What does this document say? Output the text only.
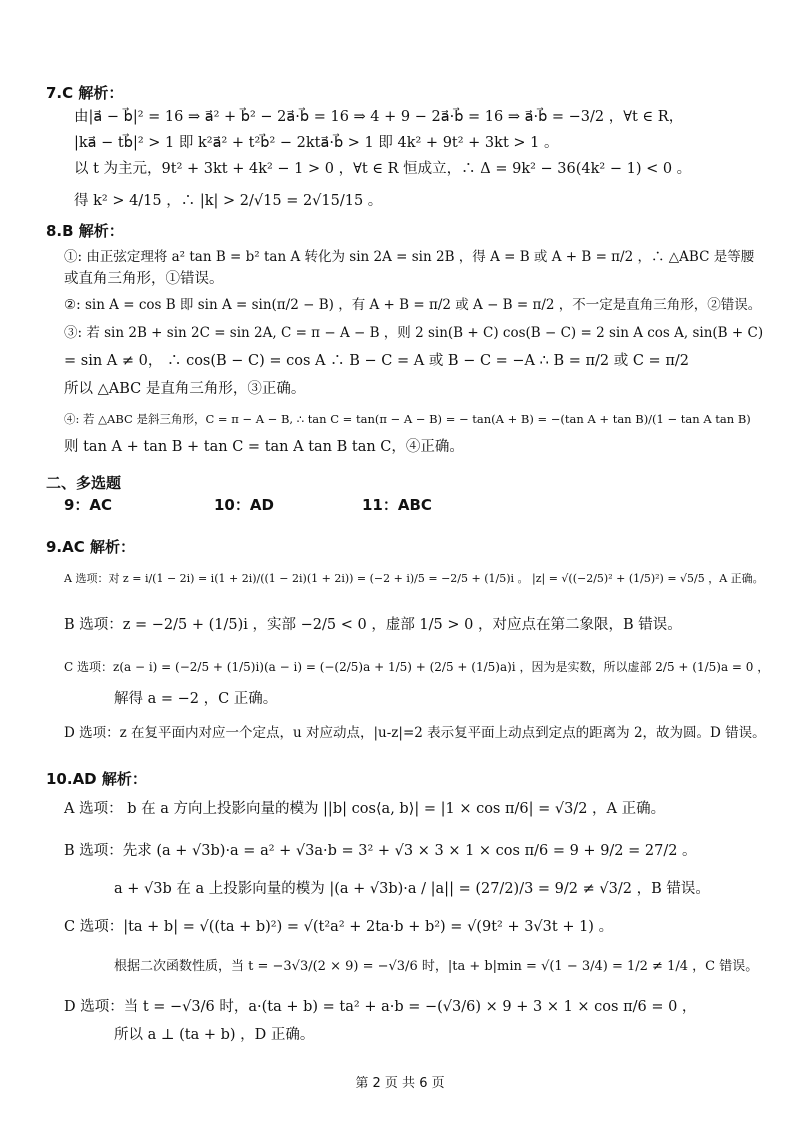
7.C 解析：
由|a⃗ − b⃗|² = 16 ⇒ a⃗² + b⃗² − 2a⃗·b⃗ = 16 ⇒ 4 + 9 − 2a⃗·b⃗ = 16 ⇒ a⃗·b⃗ = −3/2 ，∀t ∈ R，
|ka⃗ − tb⃗|² > 1 即 k²a⃗² + t²b⃗² − 2kta⃗·b⃗ > 1 即 4k² + 9t² + 3kt > 1 。
以 t 为主元，9t² + 3kt + 4k² − 1 > 0 ，∀t ∈ R 恒成立，∴ Δ = 9k² − 36(4k² − 1) < 0 。
得 k² > 4/15 ，∴ |k| > 2/√15 = 2√15/15 。
8.B 解析：
①: 由正弦定理将 a² tan B = b² tan A 转化为 sin 2A = sin 2B ，得 A = B 或 A + B = π/2 ，∴ △ABC 是等腰
或直角三角形，①错误。
②: sin A = cos B 即 sin A = sin(π/2 − B) ，有 A + B = π/2 或 A − B = π/2 ，不一定是直角三角形，②错误。
③: 若 sin 2B + sin 2C = sin 2A, C = π − A − B ，则 2 sin(B + C) cos(B − C) = 2 sin A cos A, sin(B + C)
= sin A ≠ 0， ∴ cos(B − C) = cos A ∴ B − C = A 或 B − C = −A ∴ B = π/2 或 C = π/2
所以 △ABC 是直角三角形，③正确。
④: 若 △ABC 是斜三角形，C = π − A − B, ∴ tan C = tan(π − A − B) = − tan(A + B) = −(tan A + tan B)/(1 − tan A tan B)
则 tan A + tan B + tan C = tan A tan B tan C，④正确。
二、多选题
9：AC	10：AD	11：ABC
9.AC 解析：
A 选项：对 z = i/(1 − 2i) = i(1 + 2i)/((1 − 2i)(1 + 2i)) = (−2 + i)/5 = −2/5 + (1/5)i 。 |z| = √((−2/5)² + (1/5)²) = √5/5 ，A 正确。
B 选项：z = −2/5 + (1/5)i ，实部 −2/5 < 0 ，虚部 1/5 > 0 ，对应点在第二象限，B 错误。
C 选项：z(a − i) = (−2/5 + (1/5)i)(a − i) = (−(2/5)a + 1/5) + (2/5 + (1/5)a)i ，因为是实数，所以虚部 2/5 + (1/5)a = 0 ，
解得 a = −2 ，C 正确。
D 选项：z 在复平面内对应一个定点，u 对应动点，|u-z|=2 表示复平面上动点到定点的距离为 2，故为圆。D 错误。
10.AD 解析：
A 选项： b 在 a 方向上投影向量的模为 ||b| cos⟨a, b⟩| = |1 × cos π/6| = √3/2 ，A 正确。
B 选项：先求 (a + √3b)·a = a² + √3a·b = 3² + √3 × 3 × 1 × cos π/6 = 9 + 9/2 = 27/2 。
a + √3b 在 a 上投影向量的模为 |(a + √3b)·a / |a|| = (27/2)/3 = 9/2 ≠ √3/2 ，B 错误。
C 选项：|ta + b| = √((ta + b)²) = √(t²a² + 2ta·b + b²) = √(9t² + 3√3t + 1) 。
根据二次函数性质，当 t = −3√3/(2 × 9) = −√3/6 时，|ta + b|min = √(1 − 3/4) = 1/2 ≠ 1/4 ，C 错误。
D 选项：当 t = −√3/6 时，a·(ta + b) = ta² + a·b = −(√3/6) × 9 + 3 × 1 × cos π/6 = 0 ，
所以 a ⊥ (ta + b) ，D 正确。
第 2 页 共 6 页
